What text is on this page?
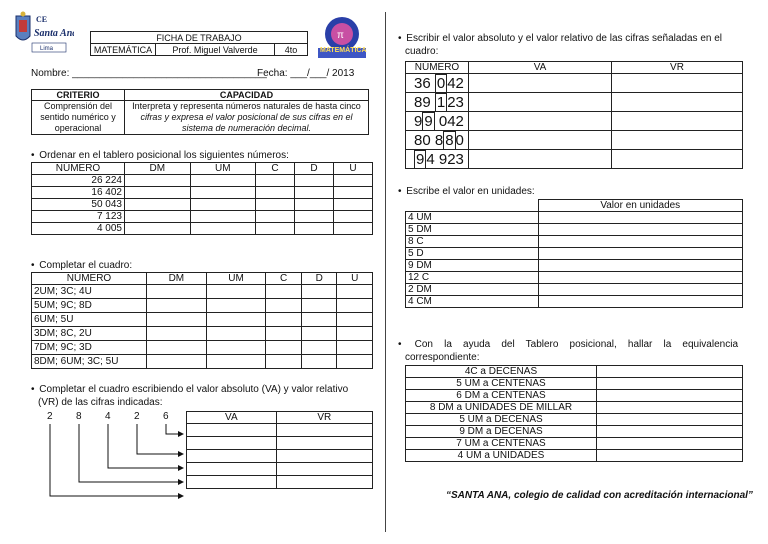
CE
Santa Ana
Lima
FICHA DE TRABAJO
MATEMÁTICA	Prof. Miguel Valverde	4to
π
MATEMÁTICA
Nombre: ___________________________________
Fecha: ___/___/ 2013
CRITERIO	CAPACIDAD
Comprensión del sentido numérico y operacional	Interpreta y representa números naturales de hasta cinco
cifras y expresa el valor posicional de sus cifras en el
sistema de numeración decimal.
• Ordenar en el tablero posicional los siguientes números:
NÚMERO	DM	UM	C	D	U
26 224					
16 402					
50 043					
7 123					
4 005					
• Completar el cuadro:
NÚMERO	DM	UM	C	D	U
2UM; 3C; 4U					
5UM; 9C; 8D					
6UM; 5U					
3DM; 8C, 2U					
7DM; 9C; 3D					
8DM; 6UM; 3C; 5U					
• Completar el cuadro escribiendo el valor absoluto (VA) y valor relativo
(VR) de las cifras indicadas:
2 8 4 2 6	VA	VR

• Escribir el valor absoluto y el valor relativo de las cifras señaladas en el
cuadro:
NÚMERO	VA	VR
36 0 42		
89 1 23		
9 9 042		
80 8 8 0		
9 4 923		
• Escribe el valor en unidades:
	Valor en unidades
4 UM	
5 DM	
8 C	
5 D	
9 DM	
12 C	
2 DM	
4 CM	
• Con la ayuda del Tablero posicional, hallar la equivalencia
correspondiente:
4C a DECENAS	
5 UM a CENTENAS	
6 DM a CENTENAS	
8 DM a UNIDADES DE MILLAR	
5 UM a DECENAS	
9 DM a DECENAS	
7 UM a CENTENAS	
4 UM a UNIDADES	
“SANTA ANA, colegio de calidad con acreditación internacional”
